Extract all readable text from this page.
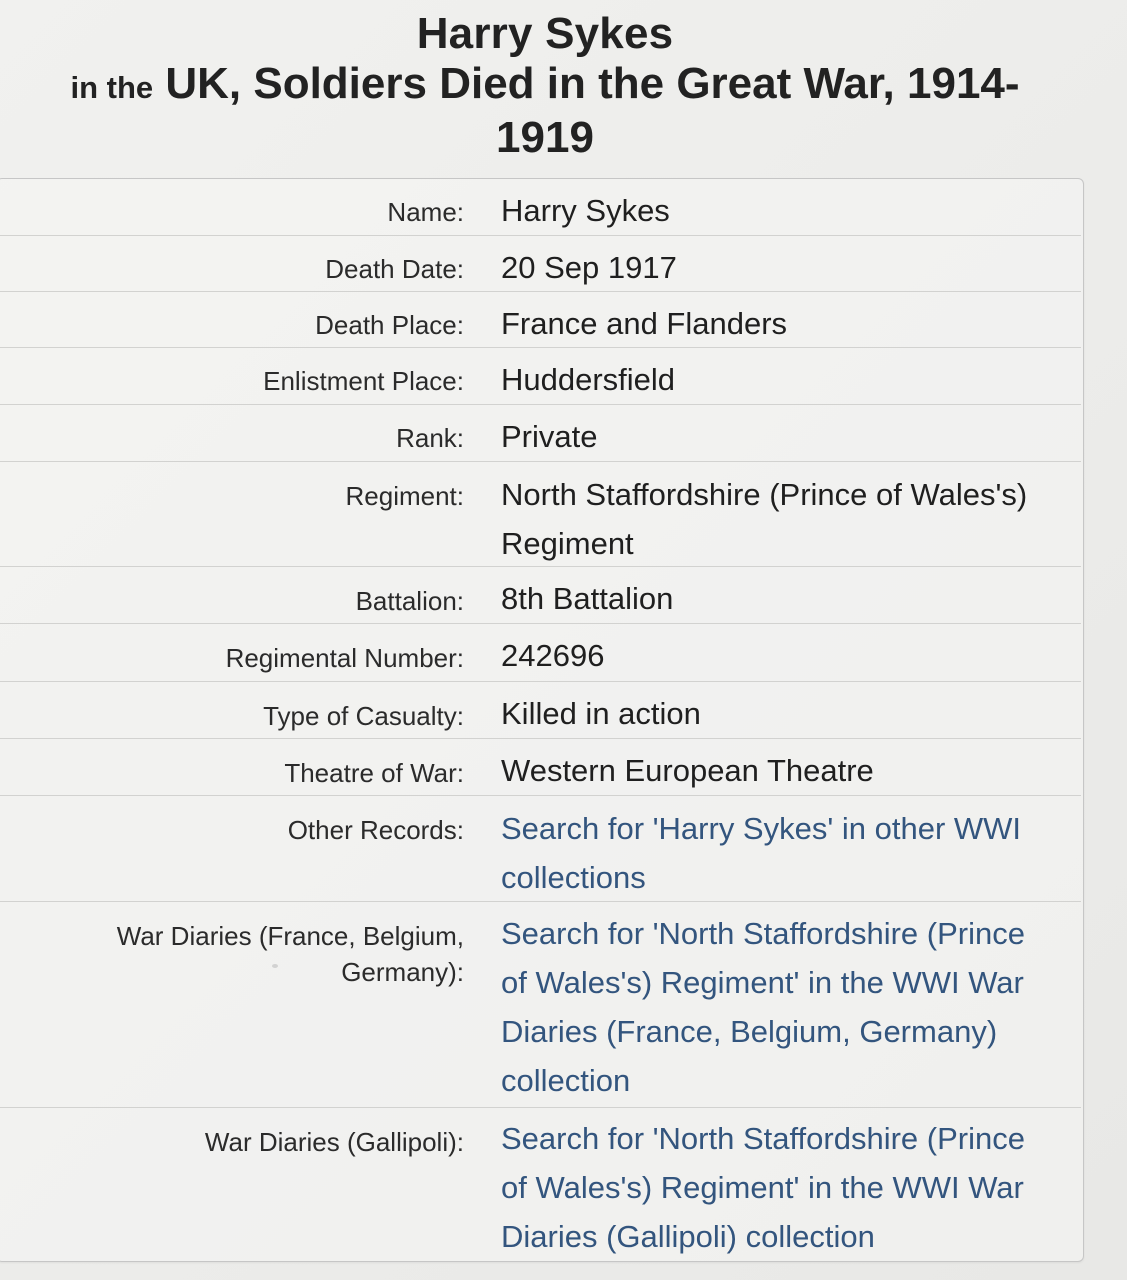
Harry Sykes
in the UK, Soldiers Died in the Great War, 1914-
1919
Name: Harry Sykes
Death Date: 20 Sep 1917
Death Place: France and Flanders
Enlistment Place: Huddersfield
Rank: Private
Regiment: North Staffordshire (Prince of Wales's)
Regiment
Battalion: 8th Battalion
Regimental Number: 242696
Type of Casualty: Killed in action
Theatre of War: Western European Theatre
Other Records: Search for 'Harry Sykes' in other WWI
collections
War Diaries (France, Belgium,
Germany):
Search for 'North Staffordshire (Prince
of Wales's) Regiment' in the WWI War
Diaries (France, Belgium, Germany)
collection
War Diaries (Gallipoli): Search for 'North Staffordshire (Prince
of Wales's) Regiment' in the WWI War
Diaries (Gallipoli) collection
